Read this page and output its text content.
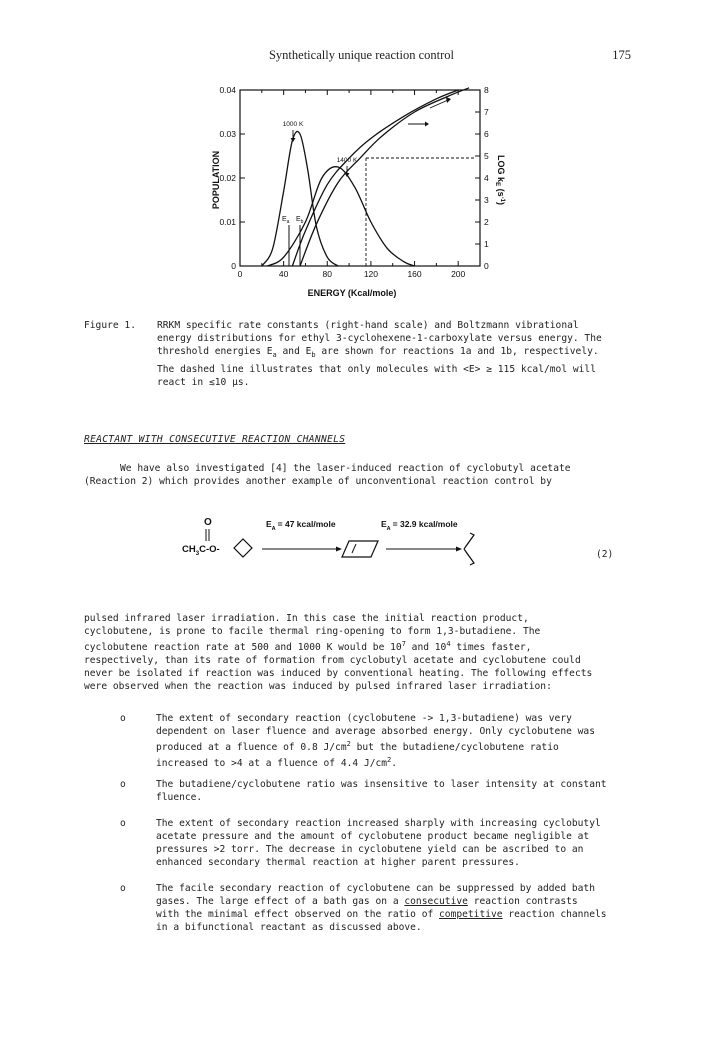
Synthetically unique reaction control	175
0	40	80	120	160	200
0
0.01
0.02
0.03
0.04
0
1
2
3
4
5
6
7
8
POPULATION	LOG $k_E$ $(s^{-1})$
ENERGY (Kcal/mole)
1000 K
1400 K
$E_a$ $E_b$
Figure 1. RRKM specific rate constants (right-hand scale) and Boltzmann vibrational
energy distributions for ethyl 3-cyclohexene-1-carboxylate versus energy. The
threshold energies $E_a$ and $E_b$ are shown for reactions 1a and 1b, respectively.
The dashed line illustrates that only molecules with <E> ≥ 115 kcal/mol will
react in ≲10 µs.
REACTANT WITH CONSECUTIVE REACTION CHANNELS
We have also investigated [4] the laser-induced reaction of cyclobutyl acetate
(Reaction 2) which provides another example of unconventional reaction control by
O
$CH_3C-O-$
$E_A = 47$ kcal/mole	$E_A = 32.9$ kcal/mole
(2)
pulsed infrared laser irradiation. In this case the initial reaction product,
cyclobutene, is prone to facile thermal ring-opening to form 1,3-butadiene. The
cyclobutene reaction rate at 500 and 1000 K would be $10^7$ and $10^4$ times faster,
respectively, than its rate of formation from cyclobutyl acetate and cyclobutene could
never be isolated if reaction was induced by conventional heating. The following effects
were observed when the reaction was induced by pulsed infrared laser irradiation:
o	The extent of secondary reaction (cyclobutene -> 1,3-butadiene) was very
dependent on laser fluence and average absorbed energy. Only cyclobutene was
produced at a fluence of 0.8 $J/cm^2$ but the butadiene/cyclobutene ratio
increased to >4 at a fluence of 4.4 $J/cm^2$.
o	The butadiene/cyclobutene ratio was insensitive to laser intensity at constant
fluence.
o	The extent of secondary reaction increased sharply with increasing cyclobutyl
acetate pressure and the amount of cyclobutene product became negligible at
pressures >2 torr. The decrease in cyclobutene yield can be ascribed to an
enhanced secondary thermal reaction at higher parent pressures.
o	The facile secondary reaction of cyclobutene can be suppressed by added bath
gases. The large effect of a bath gas on a consecutive reaction contrasts
with the minimal effect observed on the ratio of competitive reaction channels
in a bifunctional reactant as discussed above.
